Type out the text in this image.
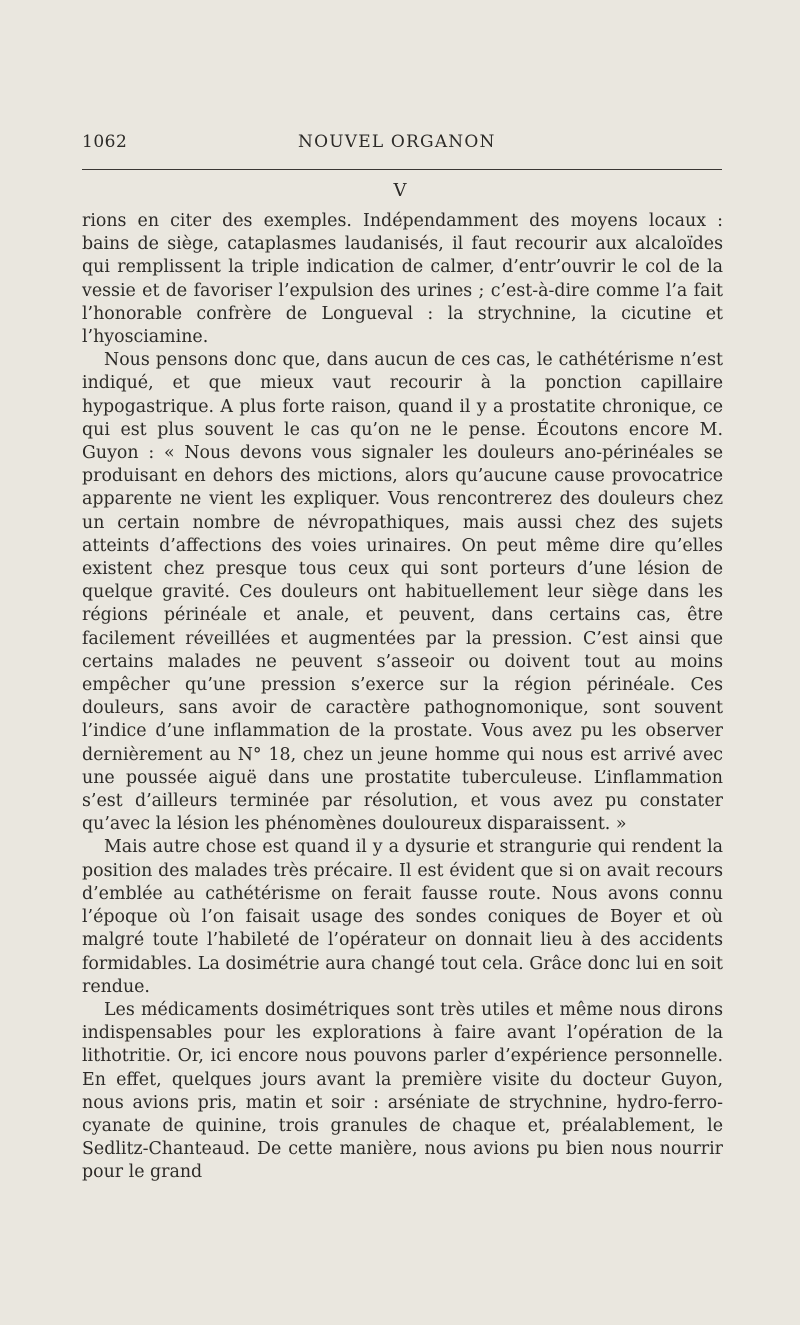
1062	NOUVEL ORGANON
V

rions en citer des exemples. Indépendamment des moyens locaux : bains de siège, cataplasmes laudanisés, il faut recourir aux alcaloïdes qui remplissent la triple indication de calmer, d’entr’ouvrir le col de la vessie et de favoriser l’expulsion des urines ; c’est-à-dire comme l’a fait l’honorable confrère de Longueval : la strychnine, la cicutine et l’hyosciamine.

Nous pensons donc que, dans aucun de ces cas, le cathétérisme n’est indiqué, et que mieux vaut recourir à la ponction capillaire hypogastrique. A plus forte raison, quand il y a prostatite chronique, ce qui est plus souvent le cas qu’on ne le pense. Écoutons encore M. Guyon : « Nous devons vous signaler les douleurs ano-périnéales se produisant en dehors des mictions, alors qu’aucune cause provocatrice apparente ne vient les expliquer. Vous rencontrerez des douleurs chez un certain nombre de névropathiques, mais aussi chez des sujets atteints d’affections des voies urinaires. On peut même dire qu’elles existent chez presque tous ceux qui sont porteurs d’une lésion de quelque gravité. Ces douleurs ont habituellement leur siège dans les régions périnéale et anale, et peuvent, dans certains cas, être facilement réveillées et augmentées par la pression. C’est ainsi que certains malades ne peuvent s’asseoir ou doivent tout au moins empêcher qu’une pression s’exerce sur la région périnéale. Ces douleurs, sans avoir de caractère pathognomonique, sont souvent l’indice d’une inflammation de la prostate. Vous avez pu les observer dernièrement au N° 18, chez un jeune homme qui nous est arrivé avec une poussée aiguë dans une prostatite tuberculeuse. L’inflammation s’est d’ailleurs terminée par résolution, et vous avez pu constater qu’avec la lésion les phénomènes douloureux disparaissent. »

Mais autre chose est quand il y a dysurie et strangurie qui rendent la position des malades très précaire. Il est évident que si on avait recours d’emblée au cathétérisme on ferait fausse route. Nous avons connu l’époque où l’on faisait usage des sondes coniques de Boyer et où malgré toute l’habileté de l’opérateur on donnait lieu à des accidents formidables. La dosimétrie aura changé tout cela. Grâce donc lui en soit rendue.

Les médicaments dosimétriques sont très utiles et même nous dirons indispensables pour les explorations à faire avant l’opération de la lithotritie. Or, ici encore nous pouvons parler d’expérience personnelle. En effet, quelques jours avant la première visite du docteur Guyon, nous avions pris, matin et soir : arséniate de strychnine, hydro-ferro-cyanate de quinine, trois granules de chaque et, préalablement, le Sedlitz-Chanteaud. De cette manière, nous avions pu bien nous nourrir pour le grand
